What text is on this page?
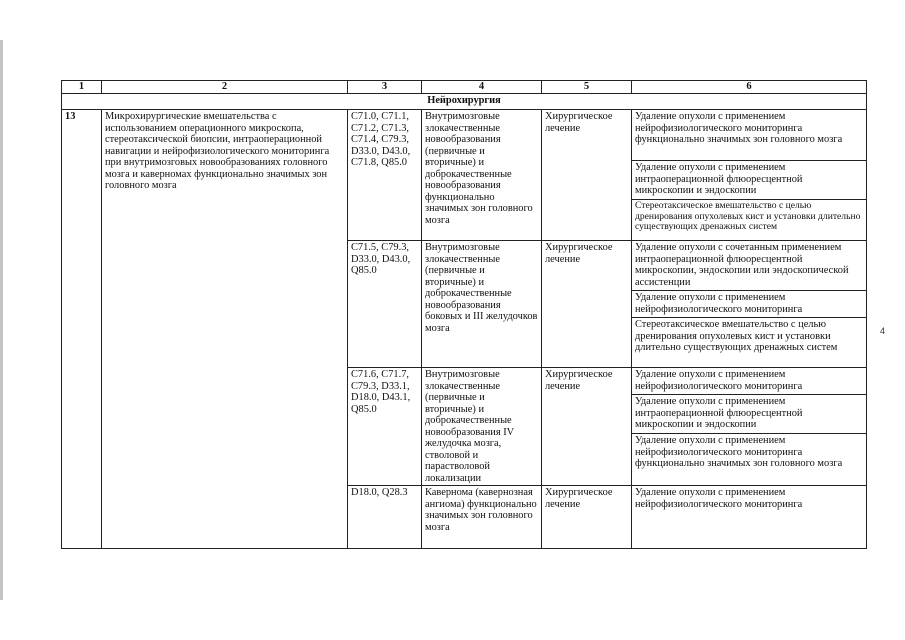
4
1	2	3	4	5	6
Нейрохирургия					
13	Микрохирургические вмешательства с использованием операционного микроскопа, стереотаксической биопсии, интраоперационной навигации и нейрофизиологического мониторинга при внутримозговых новообразованиях головного мозга и каверномах функционально значимых зон головного мозга	C71.0, C71.1, C71.2, C71.3, C71.4, C79.3, D33.0, D43.0, C71.8, Q85.0	Внутримозговые злокачественные новообразования (первичные и вторичные) и доброкачественные новообразования функционально значимых зон головного мозга	Хирургическое лечение	Удаление опухоли с применением нейрофизиологического мониторинга функционально значимых зон головного мозга
					Удаление опухоли с применением интраоперационной флюоресцентной микроскопии и эндоскопии
					Стереотаксическое вмешательство с целью дренирования опухолевых кист и установки длительно существующих дренажных систем
		C71.5, C79.3, D33.0, D43.0, Q85.0	Внутримозговые злокачественные (первичные и вторичные) и доброкачественные новообразования боковых и III желудочков мозга	Хирургическое лечение	Удаление опухоли с сочетанным применением интраоперационной флюоресцентной микроскопии, эндоскопии или эндоскопической ассистенции
					Удаление опухоли с применением нейрофизиологического мониторинга
					Стереотаксическое вмешательство с целью дренирования опухолевых кист и установки длительно существующих дренажных систем
		C71.6, C71.7, C79.3, D33.1, D18.0, D43.1, Q85.0	Внутримозговые злокачественные (первичные и вторичные) и доброкачественные новообразования IV желудочка мозга, стволовой и парастволовой локализации	Хирургическое лечение	Удаление опухоли с применением нейрофизиологического мониторинга
					Удаление опухоли с применением интраоперационной флюоресцентной микроскопии и эндоскопии
					Удаление опухоли с применением нейрофизиологического мониторинга функционально значимых зон головного мозга
		D18.0, Q28.3	Кавернома (кавернозная ангиома) функционально значимых зон головного мозга	Хирургическое лечение	Удаление опухоли с применением нейрофизиологического мониторинга
